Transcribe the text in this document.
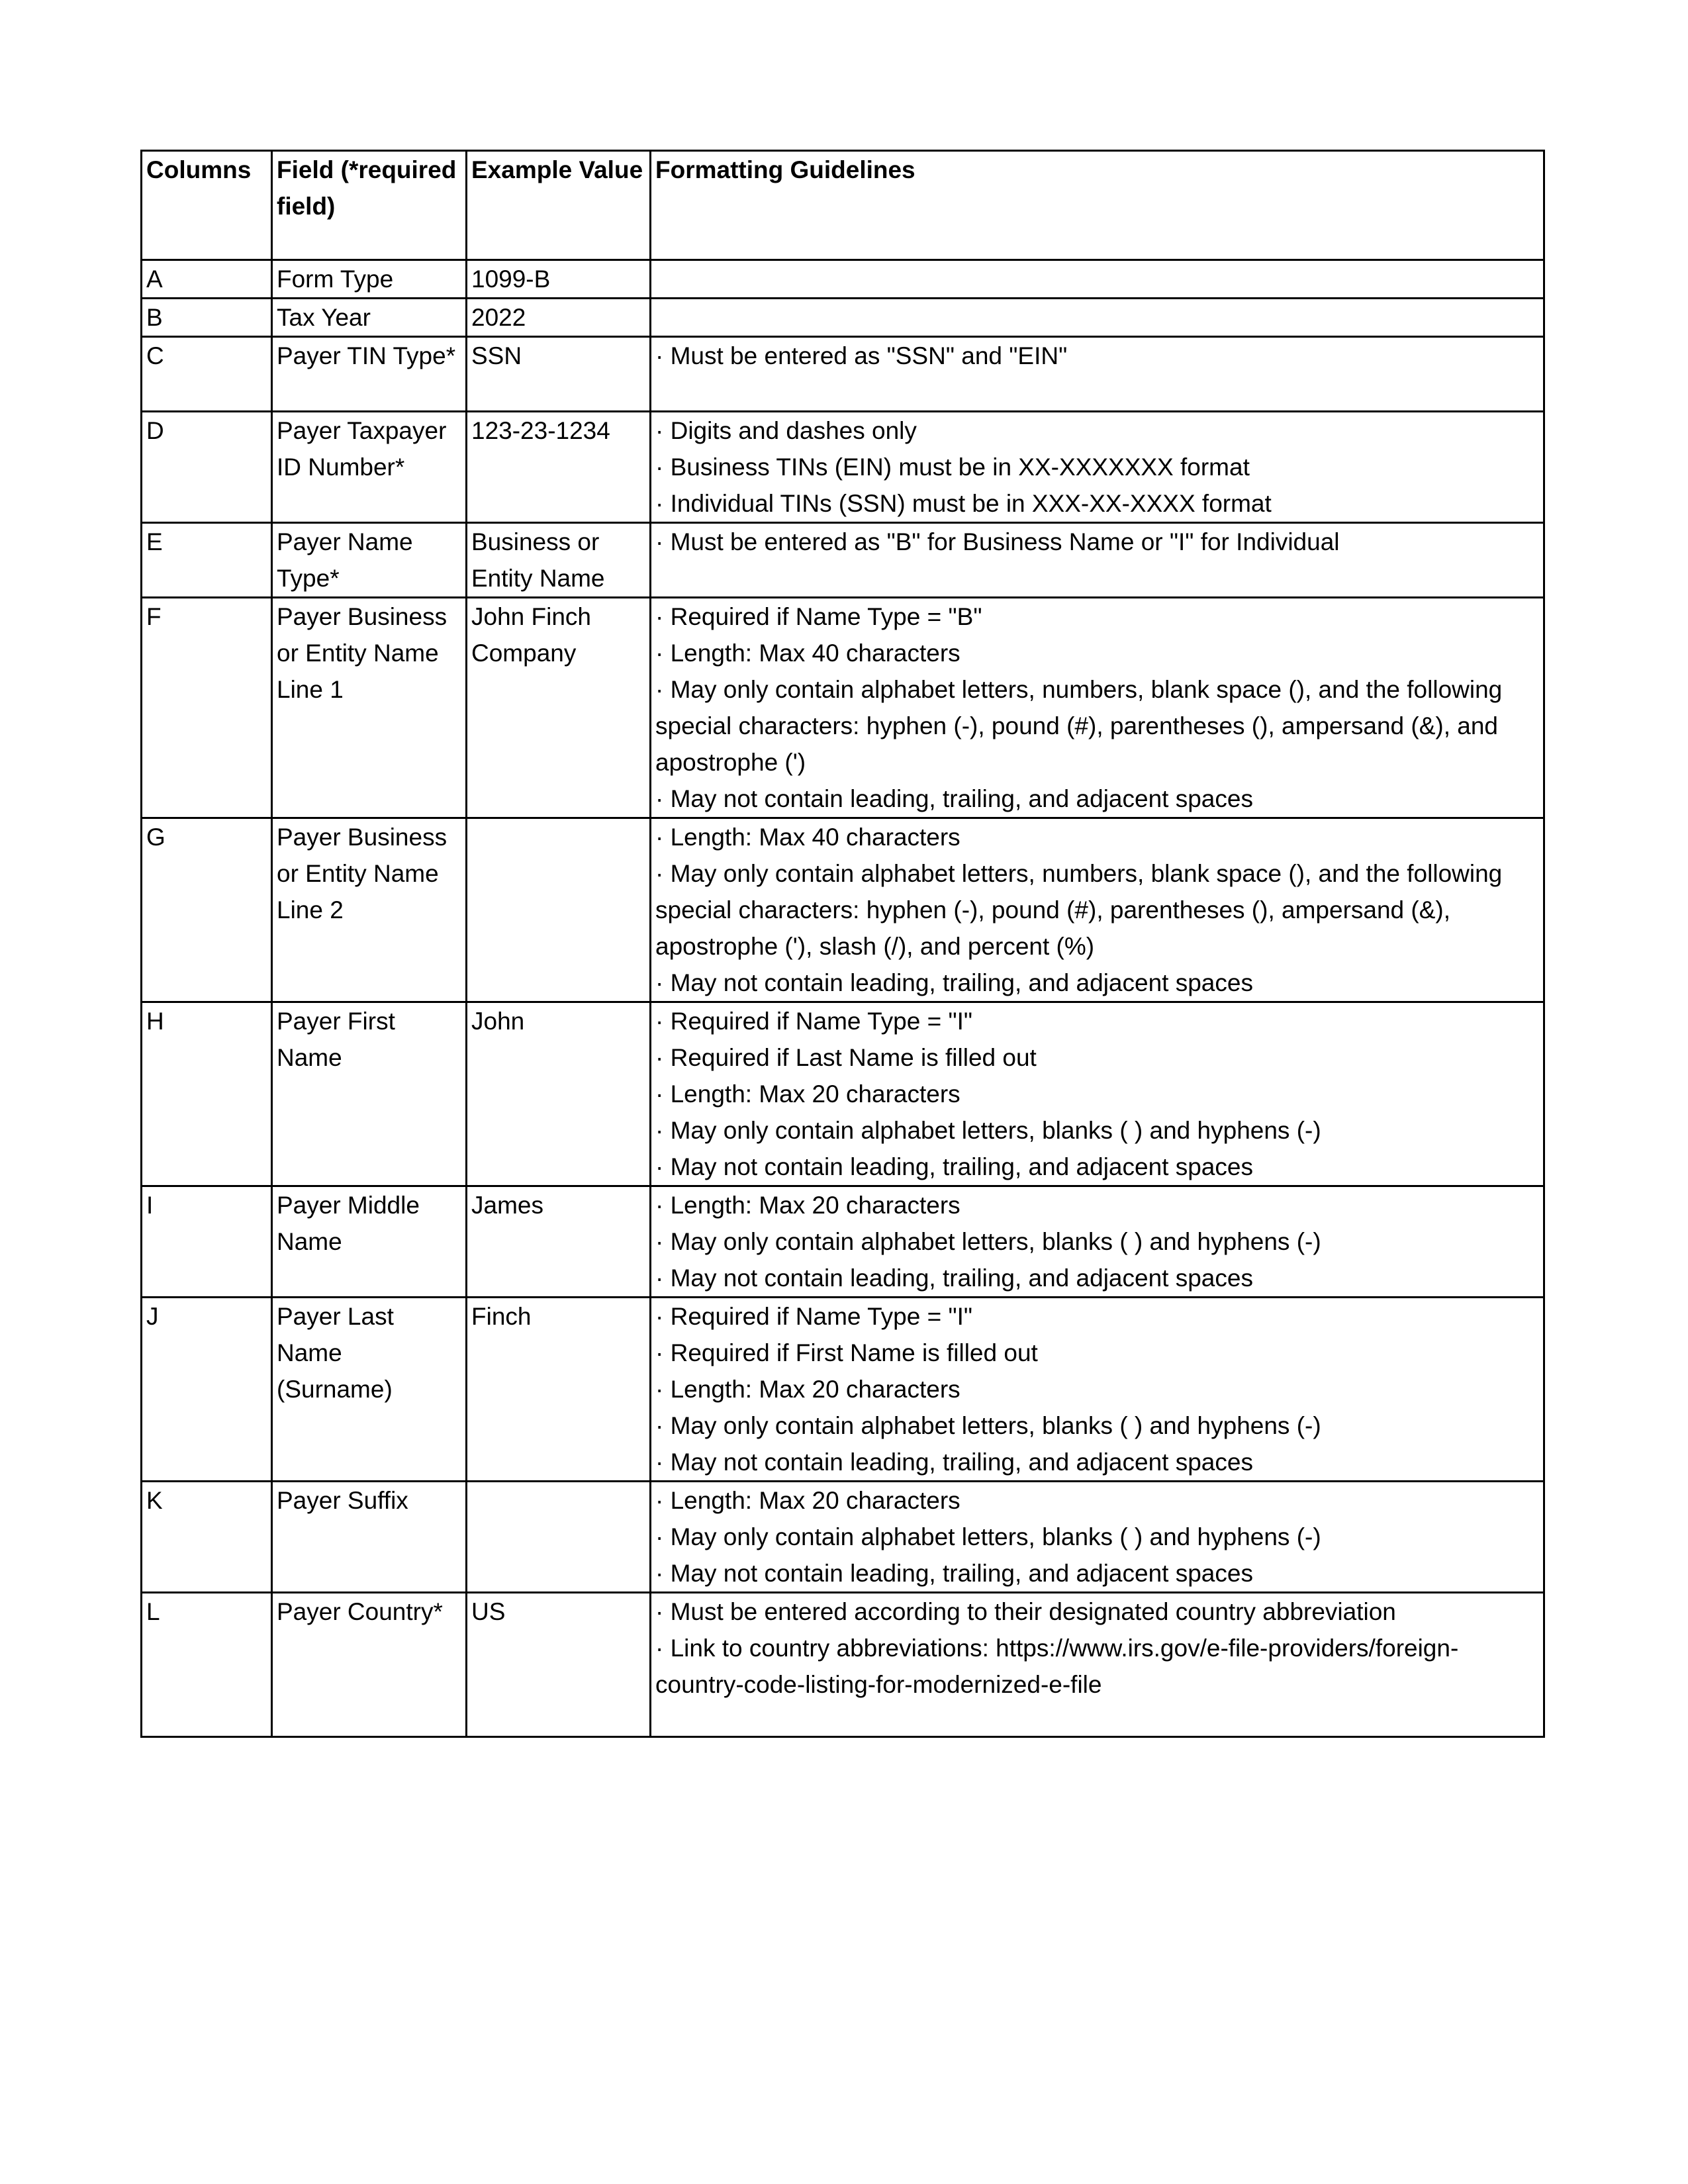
Columns	Field (*required field)	Example Value	Formatting Guidelines
A	Form Type	1099-B	
B	Tax Year	2022	
C	Payer TIN Type*	SSN	· Must be entered as "SSN" and "EIN"

D	Payer Taxpayer ID Number*	123-23-1234	· Digits and dashes only
· Business TINs (EIN) must be in XX-XXXXXXX format
· Individual TINs (SSN) must be in XXX-XX-XXXX format

E	Payer Name Type*	Business or Entity Name	· Must be entered as "B" for Business Name or "I" for Individual

F	Payer Business or Entity Name Line 1	John Finch Company	· Required if Name Type = "B"
· Length: Max 40 characters
· May only contain alphabet letters, numbers, blank space (), and the following special characters: hyphen (-), pound (#), parentheses (), ampersand (&), and apostrophe (')
· May not contain leading, trailing, and adjacent spaces

G	Payer Business or Entity Name Line 2		· Length: Max 40 characters
· May only contain alphabet letters, numbers, blank space (), and the following special characters: hyphen (-), pound (#), parentheses (), ampersand (&), apostrophe ('), slash (/), and percent (%)
· May not contain leading, trailing, and adjacent spaces

H	Payer First Name	John	· Required if Name Type = "I"
· Required if Last Name is filled out
· Length: Max 20 characters
· May only contain alphabet letters, blanks ( ) and hyphens (-)
· May not contain leading, trailing, and adjacent spaces

I	Payer Middle Name	James	· Length: Max 20 characters
· May only contain alphabet letters, blanks ( ) and hyphens (-)
· May not contain leading, trailing, and adjacent spaces

J	Payer Last Name (Surname)	Finch	· Required if Name Type = "I"
· Required if First Name is filled out
· Length: Max 20 characters
· May only contain alphabet letters, blanks ( ) and hyphens (-)
· May not contain leading, trailing, and adjacent spaces

K	Payer Suffix		· Length: Max 20 characters
· May only contain alphabet letters, blanks ( ) and hyphens (-)
· May not contain leading, trailing, and adjacent spaces

L	Payer Country*	US	· Must be entered according to their designated country abbreviation
· Link to country abbreviations: https://www.irs.gov/e-file-providers/foreign-country-code-listing-for-modernized-e-file
